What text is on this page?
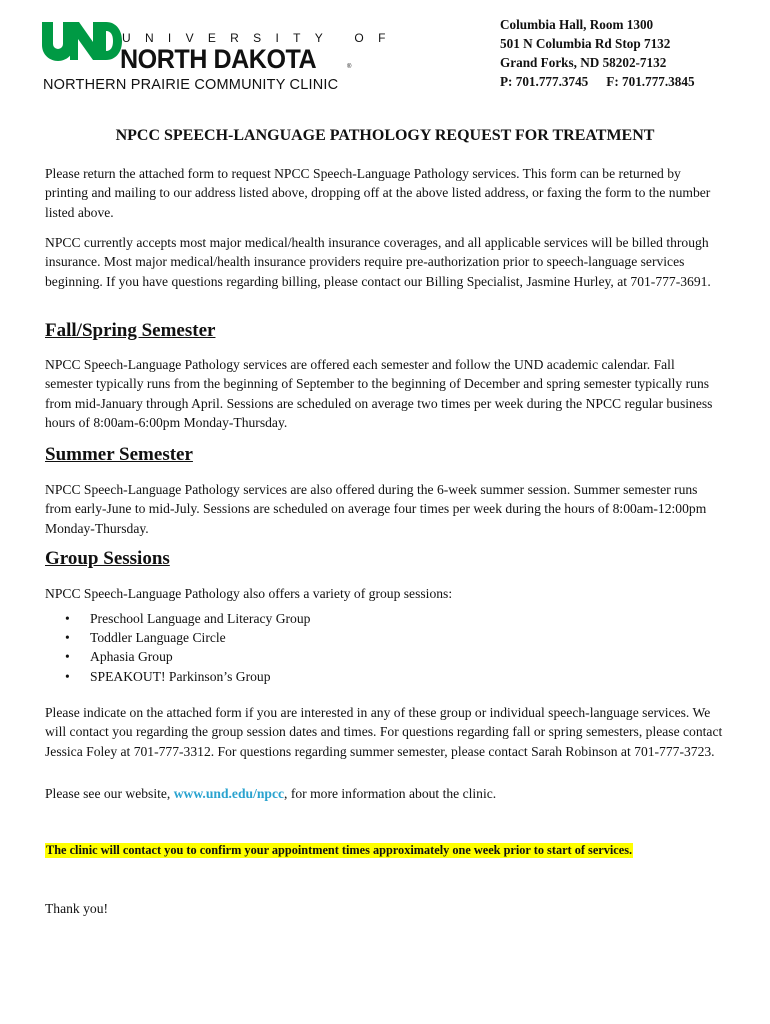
UNIVERSITY OF
NORTH DAKOTA	®
NORTHERN PRAIRIE COMMUNITY CLINIC
Columbia Hall, Room 1300
501 N Columbia Rd Stop 7132
Grand Forks, ND 58202-7132
P: 701.777.3745 F: 701.777.3845
NPCC SPEECH-LANGUAGE PATHOLOGY REQUEST FOR TREATMENT

Please return the attached form to request NPCC Speech-Language Pathology services. This form can be returned by printing and mailing to our address listed above, dropping off at the above listed address, or faxing the form to the number listed above.

NPCC currently accepts most major medical/health insurance coverages, and all applicable services will be billed through insurance. Most major medical/health insurance providers require pre-authorization prior to speech-language services beginning. If you have questions regarding billing, please contact our Billing Specialist, Jasmine Hurley, at 701-777-3691.

Fall/Spring Semester

NPCC Speech-Language Pathology services are offered each semester and follow the UND academic calendar. Fall semester typically runs from the beginning of September to the beginning of December and spring semester typically runs from mid-January through April. Sessions are scheduled on average two times per week during the NPCC regular business hours of 8:00am-6:00pm Monday-Thursday.

Summer Semester

NPCC Speech-Language Pathology services are also offered during the 6-week summer session. Summer semester runs from early-June to mid-July. Sessions are scheduled on average four times per week during the hours of 8:00am-12:00pm Monday-Thursday.

Group Sessions

NPCC Speech-Language Pathology also offers a variety of group sessions:

• Preschool Language and Literacy Group
• Toddler Language Circle
• Aphasia Group
• SPEAKOUT! Parkinson’s Group

Please indicate on the attached form if you are interested in any of these group or individual speech-language services. We will contact you regarding the group session dates and times. For questions regarding fall or spring semesters, please contact Jessica Foley at 701-777-3312. For questions regarding summer semester, please contact Sarah Robinson at 701-777-3723.

Please see our website, www.und.edu/npcc, for more information about the clinic.

The clinic will contact you to confirm your appointment times approximately one week prior to start of services.

Thank you!
